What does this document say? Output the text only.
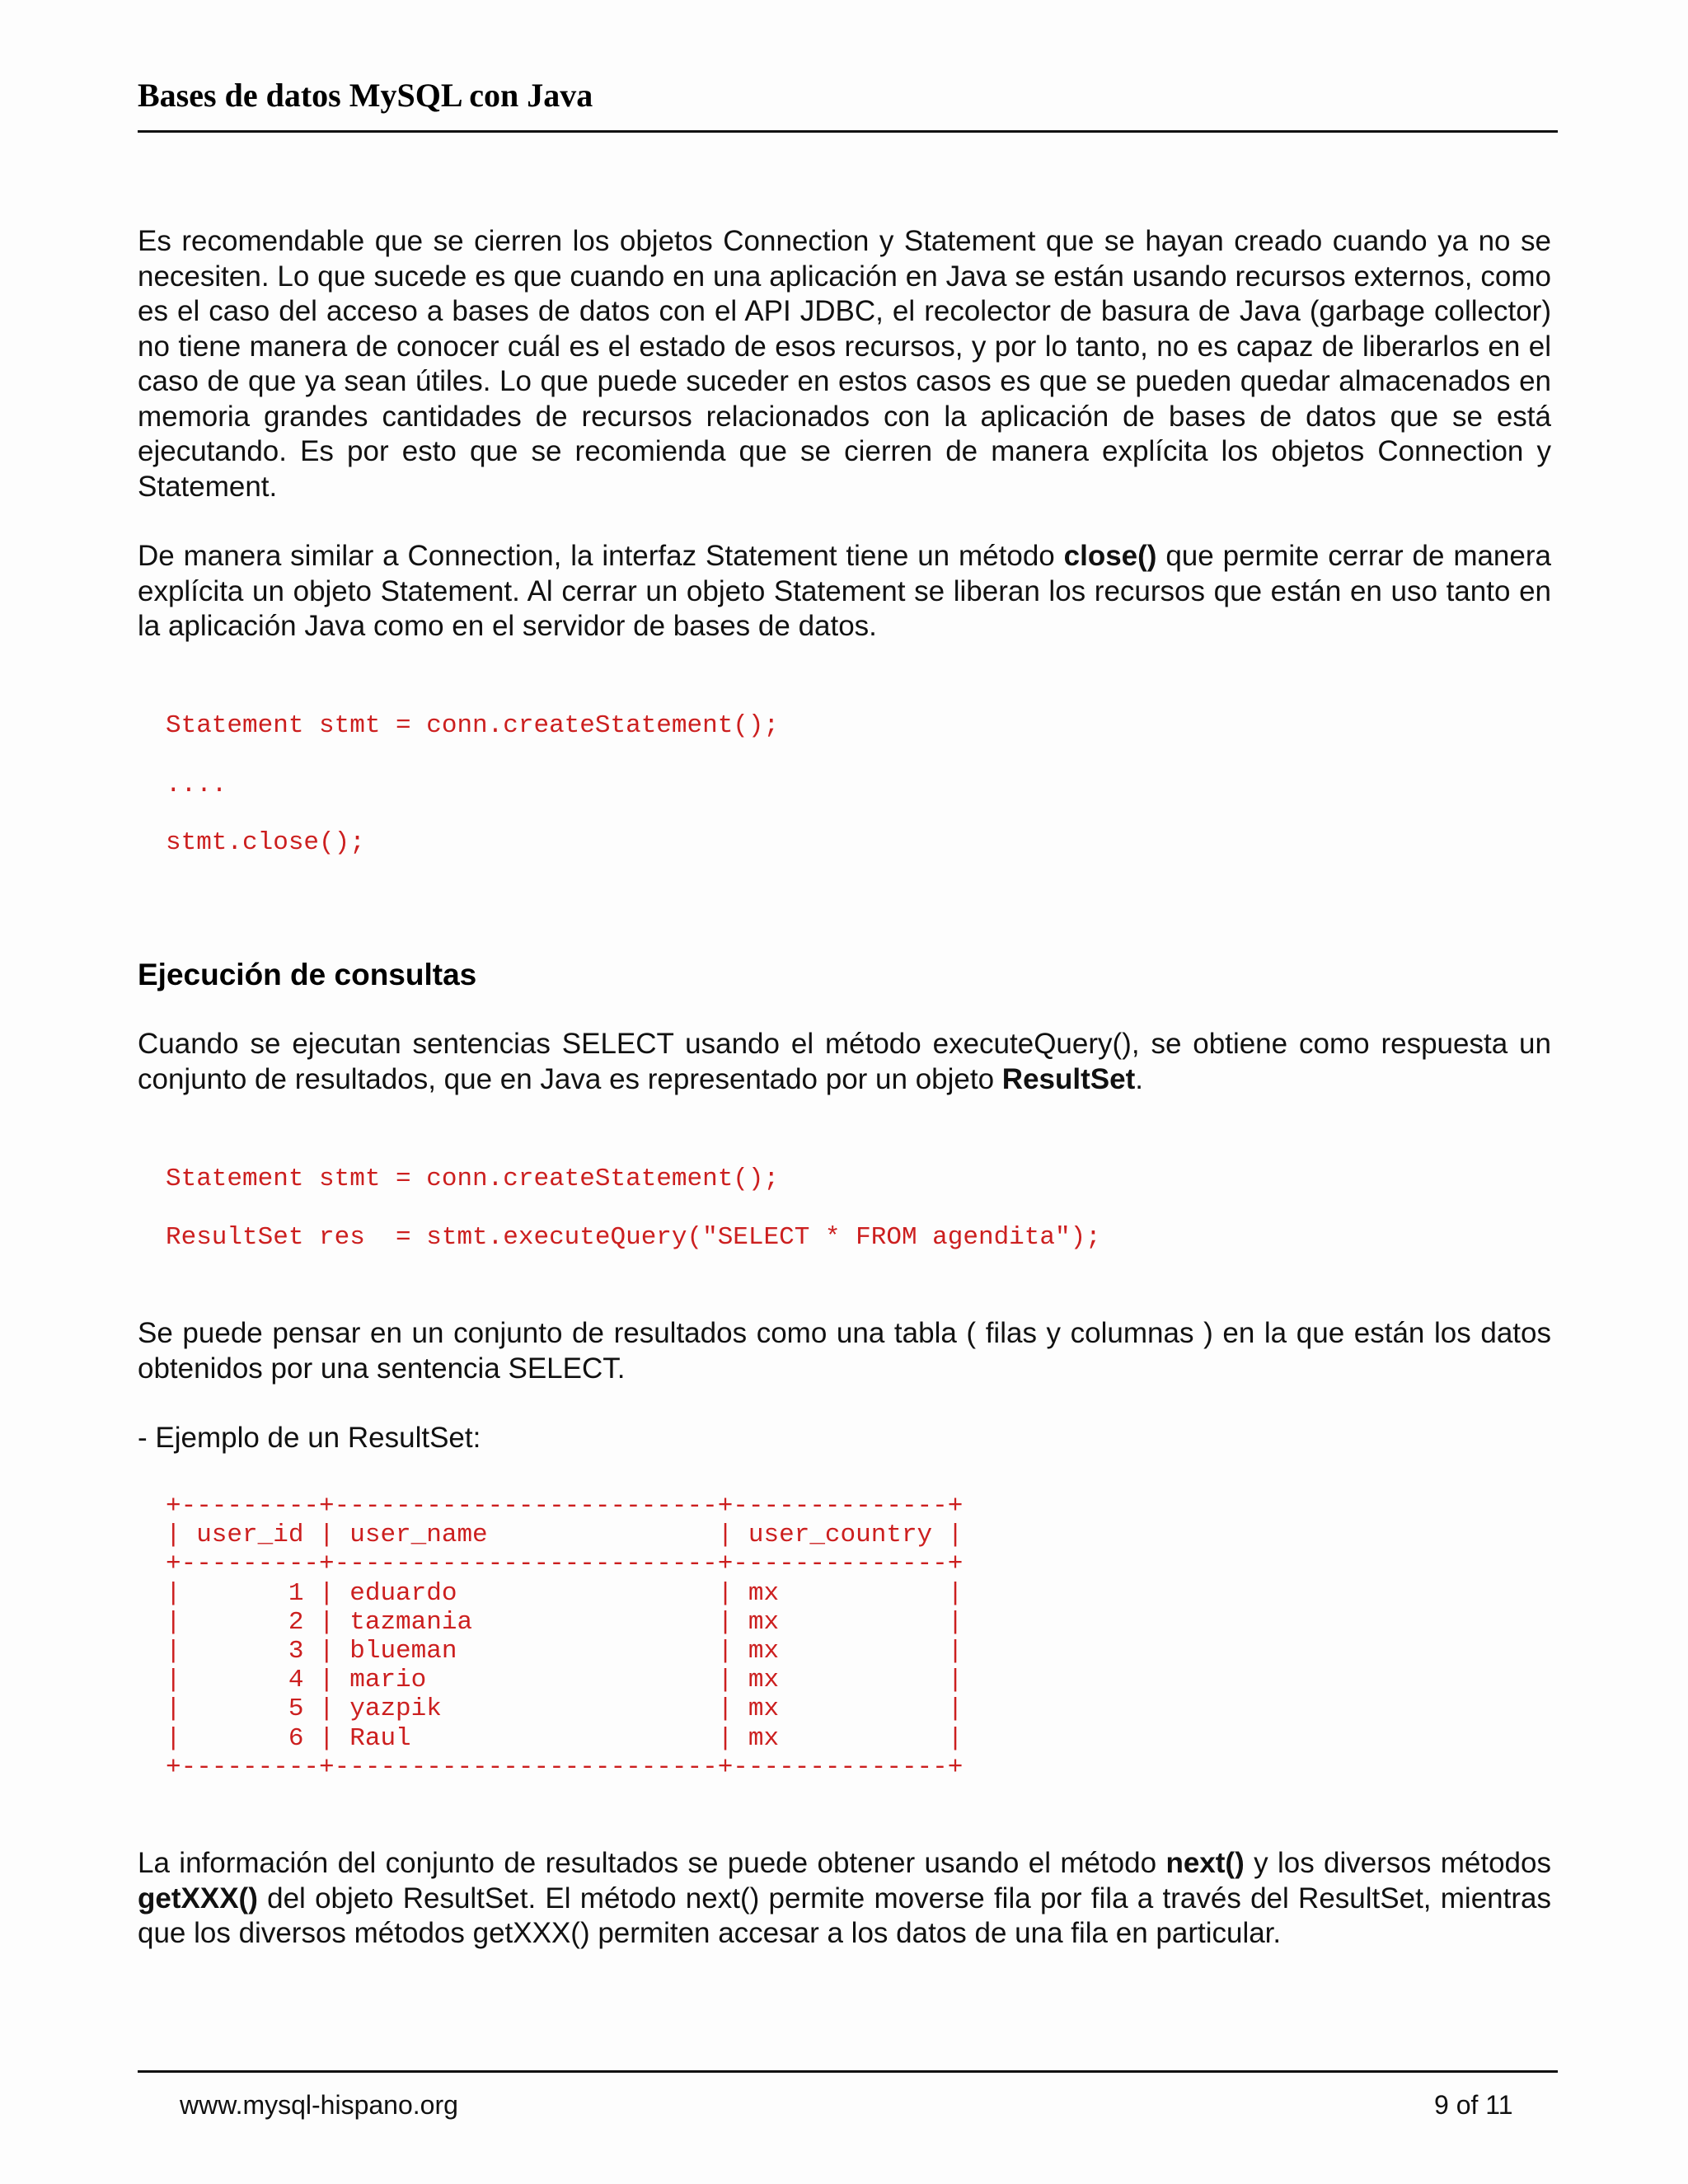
Bases de datos MySQL con Java

Es recomendable que se cierren los objetos Connection y Statement que se hayan creado cuando ya no se necesiten. Lo que sucede es que cuando en una aplicación en Java se están usando recursos externos, como es el caso del acceso a bases de datos con el API JDBC, el recolector de basura de Java (garbage collector) no tiene manera de conocer cuál es el estado de esos recursos, y por lo tanto, no es capaz de liberarlos en el caso de que ya sean útiles. Lo que puede suceder en estos casos es que se pueden quedar almacenados en memoria grandes cantidades de recursos relacionados con la aplicación de bases de datos que se está ejecutando. Es por esto que se recomienda que se cierren de manera explícita los objetos Connection y Statement.

De manera similar a Connection, la interfaz Statement tiene un método close() que permite cerrar de manera explícita un objeto Statement. Al cerrar un objeto Statement se liberan los recursos que están en uso tanto en la aplicación Java como en el servidor de bases de datos.

Statement stmt = conn.createStatement();
....
stmt.close();
Ejecución de consultas

Cuando se ejecutan sentencias SELECT usando el método executeQuery(), se obtiene como respuesta un conjunto de resultados, que en Java es representado por un objeto ResultSet.

Statement stmt = conn.createStatement();
ResultSet res  = stmt.executeQuery("SELECT * FROM agendita");

Se puede pensar en un conjunto de resultados como una tabla ( filas y columnas ) en la que están los datos obtenidos por una sentencia SELECT.

- Ejemplo de un ResultSet:

+---------+-------------------------+--------------+
| user_id | user_name               | user_country |
+---------+-------------------------+--------------+
|       1 | eduardo                 | mx           |
|       2 | tazmania                | mx           |
|       3 | blueman                 | mx           |
|       4 | mario                   | mx           |
|       5 | yazpik                  | mx           |
|       6 | Raul                    | mx           |
+---------+-------------------------+--------------+

La información del conjunto de resultados se puede obtener usando el método next() y los diversos métodos getXXX() del objeto ResultSet. El método next() permite moverse fila por fila a través del ResultSet, mientras que los diversos métodos getXXX() permiten accesar a los datos de una fila en particular.

www.mysql-hispano.org	9 of 11
